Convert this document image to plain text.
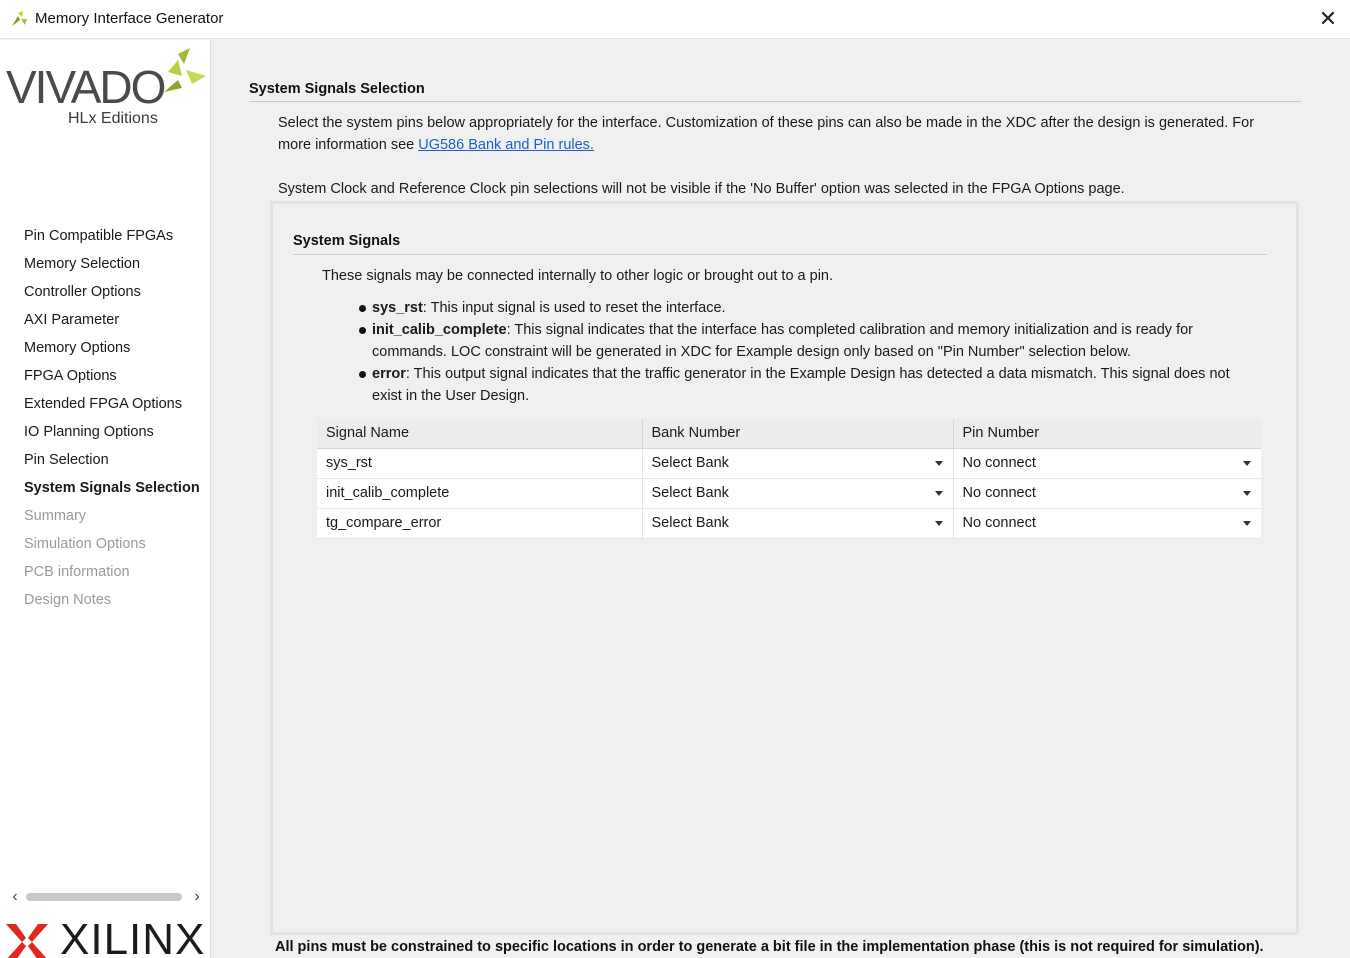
Memory Interface Generator	✕
VIVADO
HLx Editions
Pin Compatible FPGAs
Memory Selection
Controller Options
AXI Parameter
Memory Options
FPGA Options
Extended FPGA Options
IO Planning Options
Pin Selection
System Signals Selection
Summary
Simulation Options
PCB information
Design Notes
‹	›
XILINX
System Signals Selection
Select the system pins below appropriately for the interface. Customization of these pins can also be made in the XDC after the design is generated. For more information see UG586 Bank and Pin rules.
System Clock and Reference Clock pin selections will not be visible if the 'No Buffer' option was selected in the FPGA Options page.
System Signals
These signals may be connected internally to other logic or brought out to a pin.
sys_rst: This input signal is used to reset the interface.
init_calib_complete: This signal indicates that the interface has completed calibration and memory initialization and is ready for commands. LOC constraint will be generated in XDC for Example design only based on "Pin Number" selection below.
error: This output signal indicates that the traffic generator in the Example Design has detected a data mismatch. This signal does not exist in the User Design.
Signal Name	Bank Number	Pin Number
sys_rst	Select Bank	No connect

init_calib_complete	Select Bank	No connect

tg_compare_error	Select Bank	No connect
All pins must be constrained to specific locations in order to generate a bit file in the implementation phase (this is not required for simulation).
